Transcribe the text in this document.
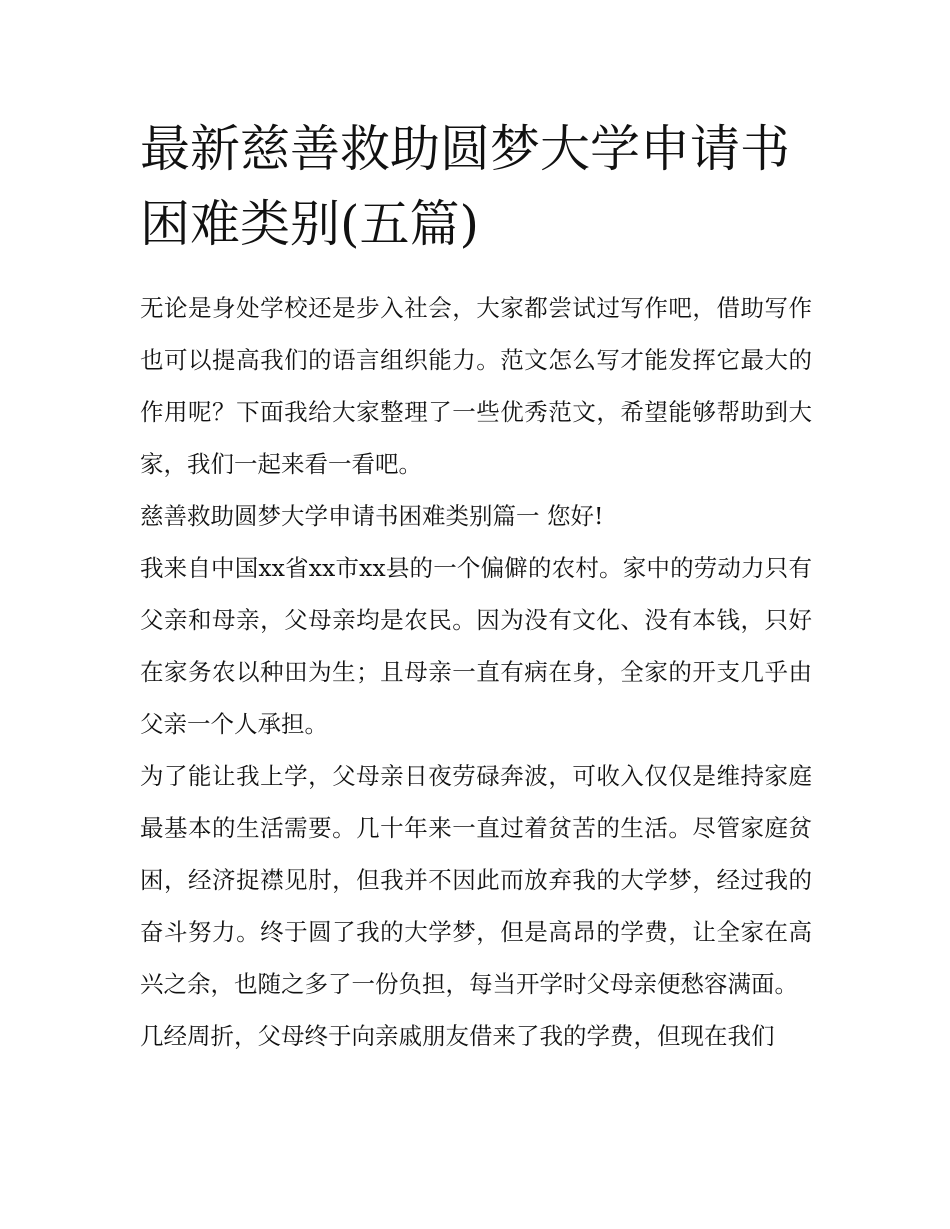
最新慈善救助圆梦大学申请书困难类别(五篇)

无论是身处学校还是步入社会，大家都尝试过写作吧，借助写作也可以提高我们的语言组织能力。范文怎么写才能发挥它最大的作用呢？下面我给大家整理了一些优秀范文，希望能够帮助到大家，我们一起来看一看吧。

慈善救助圆梦大学申请书困难类别篇一 您好!

我来自中国xx省xx市xx县的一个偏僻的农村。家中的劳动力只有父亲和母亲，父母亲均是农民。因为没有文化、没有本钱，只好在家务农以种田为生；且母亲一直有病在身，全家的开支几乎由父亲一个人承担。

为了能让我上学，父母亲日夜劳碌奔波，可收入仅仅是维持家庭最基本的生活需要。几十年来一直过着贫苦的生活。尽管家庭贫困，经济捉襟见肘，但我并不因此而放弃我的大学梦，经过我的奋斗努力。终于圆了我的大学梦，但是高昂的学费，让全家在高兴之余，也随之多了一份负担，每当开学时父母亲便愁容满面。

几经周折，父母终于向亲戚朋友借来了我的学费，但现在我们
